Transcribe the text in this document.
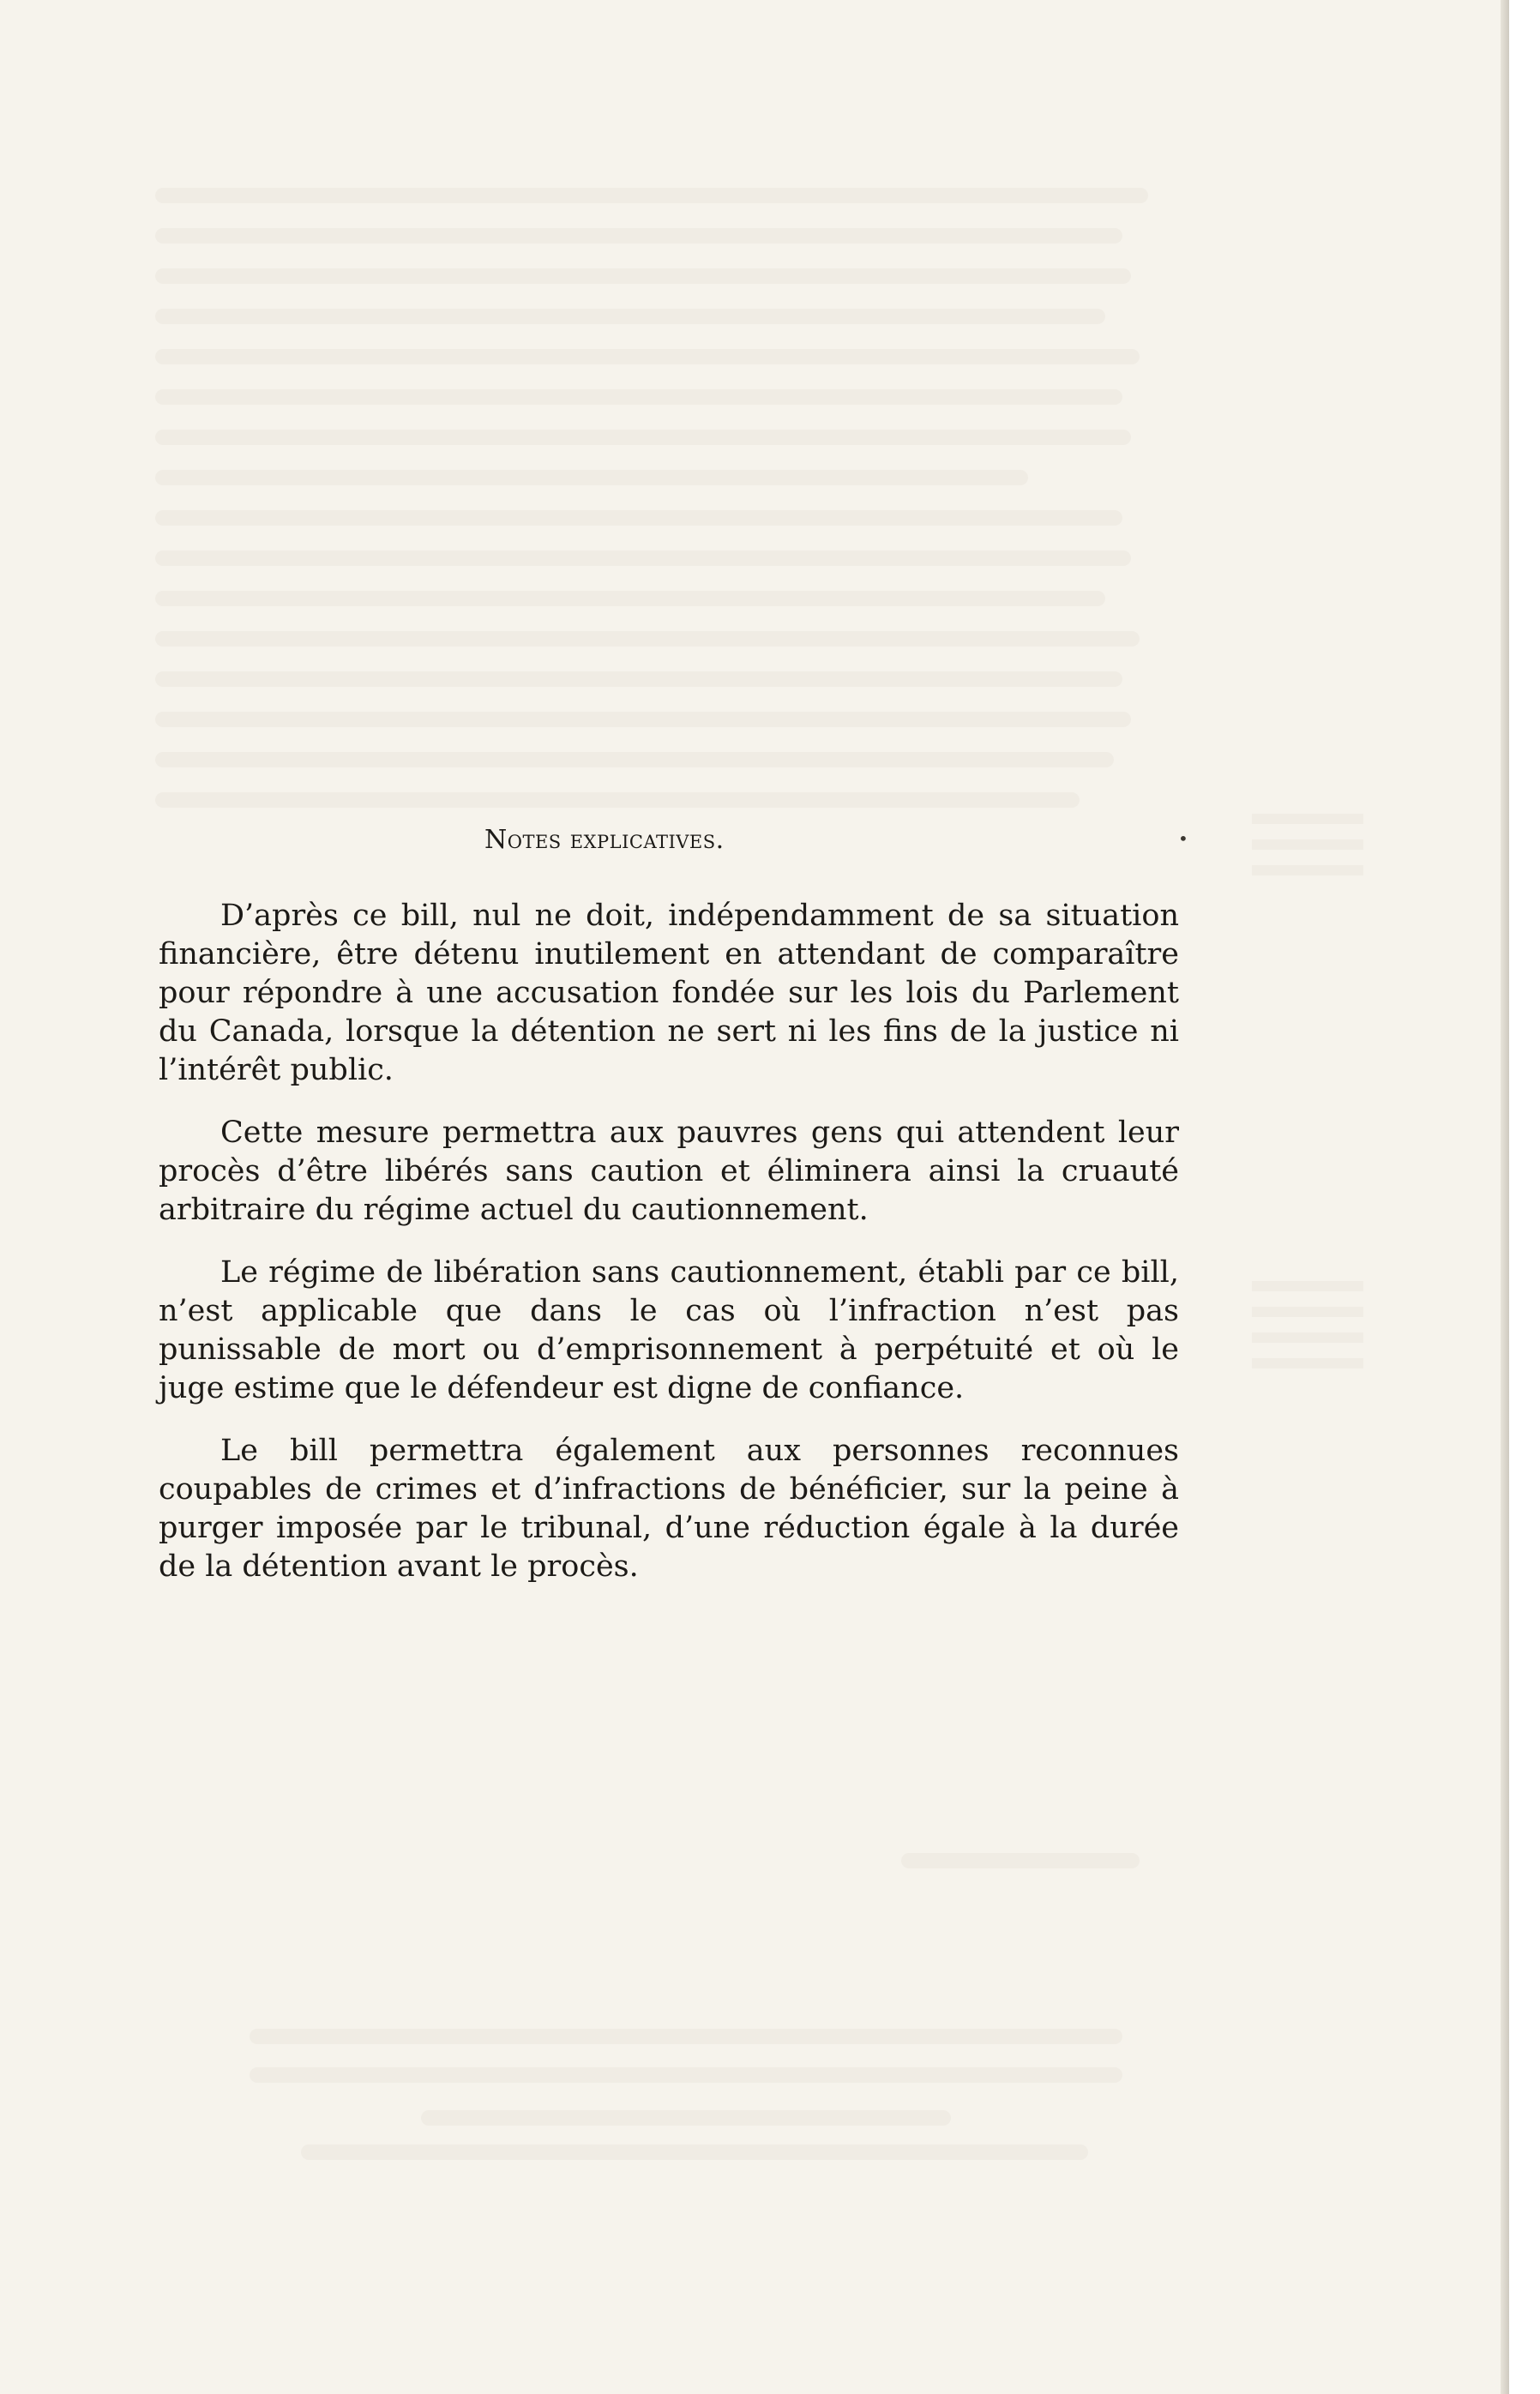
Notes explicatives.	•

D’après ce bill, nul ne doit, indépendamment de sa situation financière, être détenu inutilement en attendant de comparaître pour répondre à une accusation fondée sur les lois du Parlement du Canada, lorsque la détention ne sert ni les fins de la justice ni l’intérêt public.

Cette mesure permettra aux pauvres gens qui attendent leur procès d’être libérés sans caution et éliminera ainsi la cruauté arbitraire du régime actuel du cautionnement.

Le régime de libération sans cautionnement, établi par ce bill, n’est applicable que dans le cas où l’infraction n’est pas punissable de mort ou d’emprisonnement à perpétuité et où le juge estime que le défendeur est digne de confiance.

Le bill permettra également aux personnes reconnues coupables de crimes et d’infractions de bénéficier, sur la peine à purger imposée par le tribunal, d’une réduction égale à la durée de la détention avant le procès.
